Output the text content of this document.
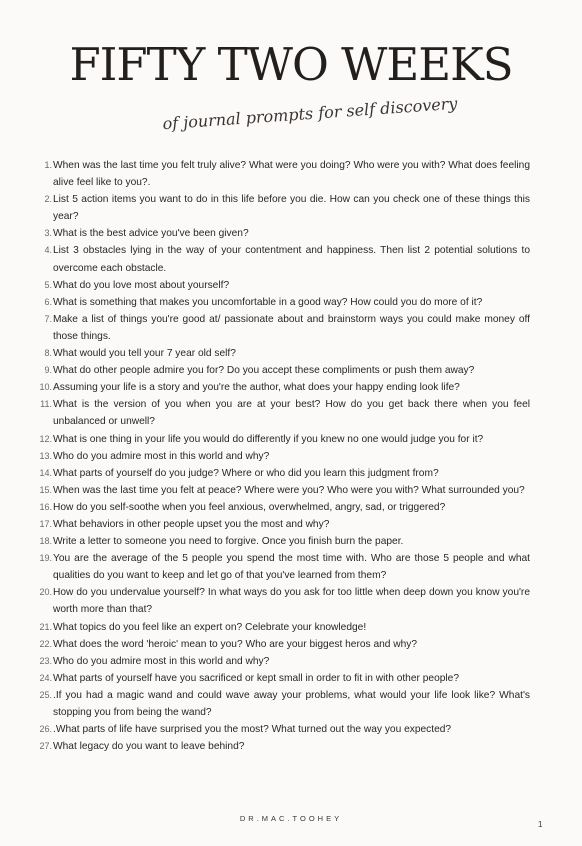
FIFTY TWO WEEKS
of journal prompts for self discovery
1. When was the last time you felt truly alive? What were you doing? Who were you with? What does feeling alive feel like to you?.
2. List 5 action items you want to do in this life before you die. How can you check one of these things this year?
3. What is the best advice you've been given?
4. List 3 obstacles lying in the way of your contentment and happiness. Then list 2 potential solutions to overcome each obstacle.
5. What do you love most about yourself?
6. What is something that makes you uncomfortable in a good way? How could you do more of it?
7. Make a list of things you're good at/ passionate about and brainstorm ways you could make money off those things.
8. What would you tell your 7 year old self?
9. What do other people admire you for? Do you accept these compliments or push them away?
10. Assuming your life is a story and you're the author, what does your happy ending look life?
11. What is the version of you when you are at your best? How do you get back there when you feel unbalanced or unwell?
12. What is one thing in your life you would do differently if you knew no one would judge you for it?
13. Who do you admire most in this world and why?
14. What parts of yourself do you judge? Where or who did you learn this judgment from?
15. When was the last time you felt at peace? Where were you? Who were you with? What surrounded you?
16. How do you self-soothe when you feel anxious, overwhelmed, angry, sad, or triggered?
17. What behaviors in other people upset you the most and why?
18. Write a letter to someone you need to forgive. Once you finish burn the paper.
19. You are the average of the 5 people you spend the most time with. Who are those 5 people and what qualities do you want to keep and let go of that you've learned from them?
20. How do you undervalue yourself? In what ways do you ask for too little when deep down you know you're worth more than that?
21. What topics do you feel like an expert on? Celebrate your knowledge!
22. What does the word 'heroic' mean to you? Who are your biggest heros and why?
23. Who do you admire most in this world and why?
24. What parts of yourself have you sacrificed or kept small in order to fit in with other people?
25. .If you had a magic wand and could wave away your problems, what would your life look like? What's stopping you from being the wand?
26. .What parts of life have surprised you the most? What turned out the way you expected?
27. What legacy do you want to leave behind?
DR.MAC.TOOHEY
1
